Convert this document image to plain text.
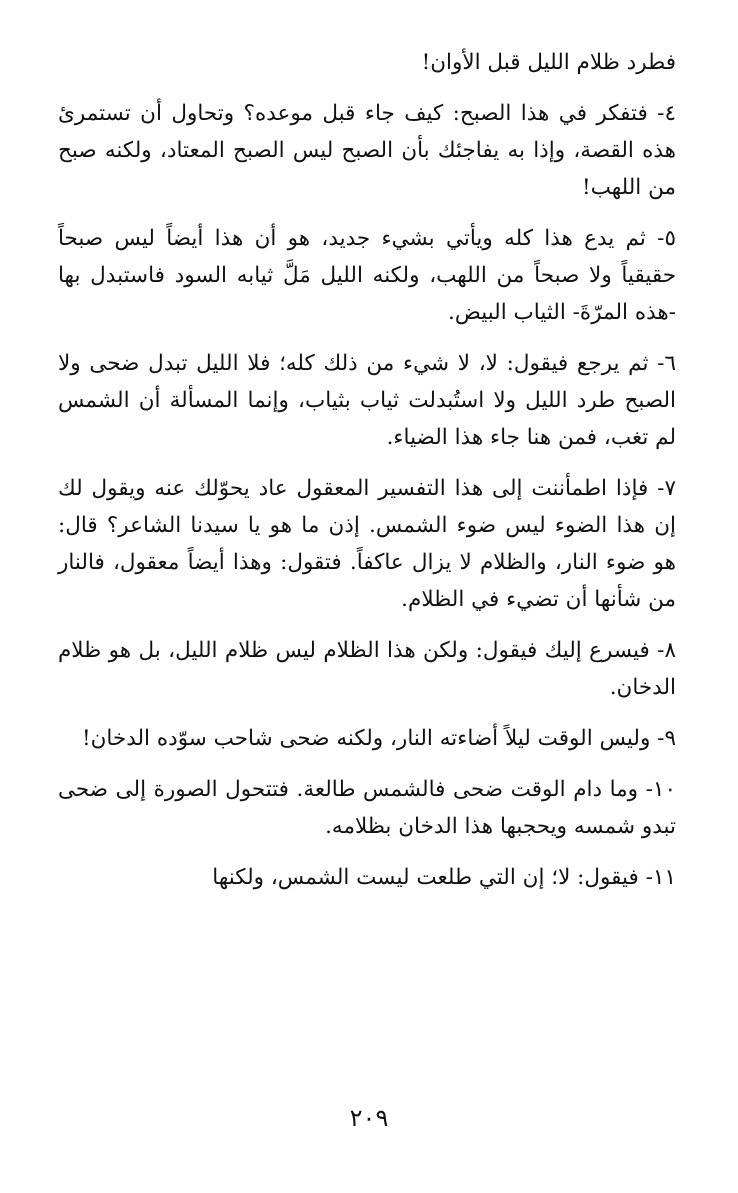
فطرد ظلام الليل قبل الأوان!

٤- فتفكر في هذا الصبح: كيف جاء قبل موعده؟ وتحاول أن تستمرئ هذه القصة، وإذا به يفاجئك بأن الصبح ليس الصبح المعتاد، ولكنه صبح من اللهب!

٥- ثم يدع هذا كله ويأتي بشيء جديد، هو أن هذا أيضاً ليس صبحاً حقيقياً ولا صبحاً من اللهب، ولكنه الليل مَلَّ ثيابه السود فاستبدل بها -هذه المرّةَ- الثياب البيض.

٦- ثم يرجع فيقول: لا، لا شيء من ذلك كله؛ فلا الليل تبدل ضحى ولا الصبح طرد الليل ولا استُبدلت ثياب بثياب، وإنما المسألة أن الشمس لم تغب، فمن هنا جاء هذا الضياء.

٧- فإذا اطمأننت إلى هذا التفسير المعقول عاد يحوّلك عنه ويقول لك إن هذا الضوء ليس ضوء الشمس. إذن ما هو يا سيدنا الشاعر؟ قال: هو ضوء النار، والظلام لا يزال عاكفاً. فتقول: وهذا أيضاً معقول، فالنار من شأنها أن تضيء في الظلام.

٨- فيسرع إليك فيقول: ولكن هذا الظلام ليس ظلام الليل، بل هو ظلام الدخان.

٩- وليس الوقت ليلاً أضاءته النار، ولكنه ضحى شاحب سوّده الدخان!

١٠- وما دام الوقت ضحى فالشمس طالعة. فتتحول الصورة إلى ضحى تبدو شمسه ويحجبها هذا الدخان بظلامه.

١١- فيقول: لا؛ إن التي طلعت ليست الشمس، ولكنها

٢٠٩
